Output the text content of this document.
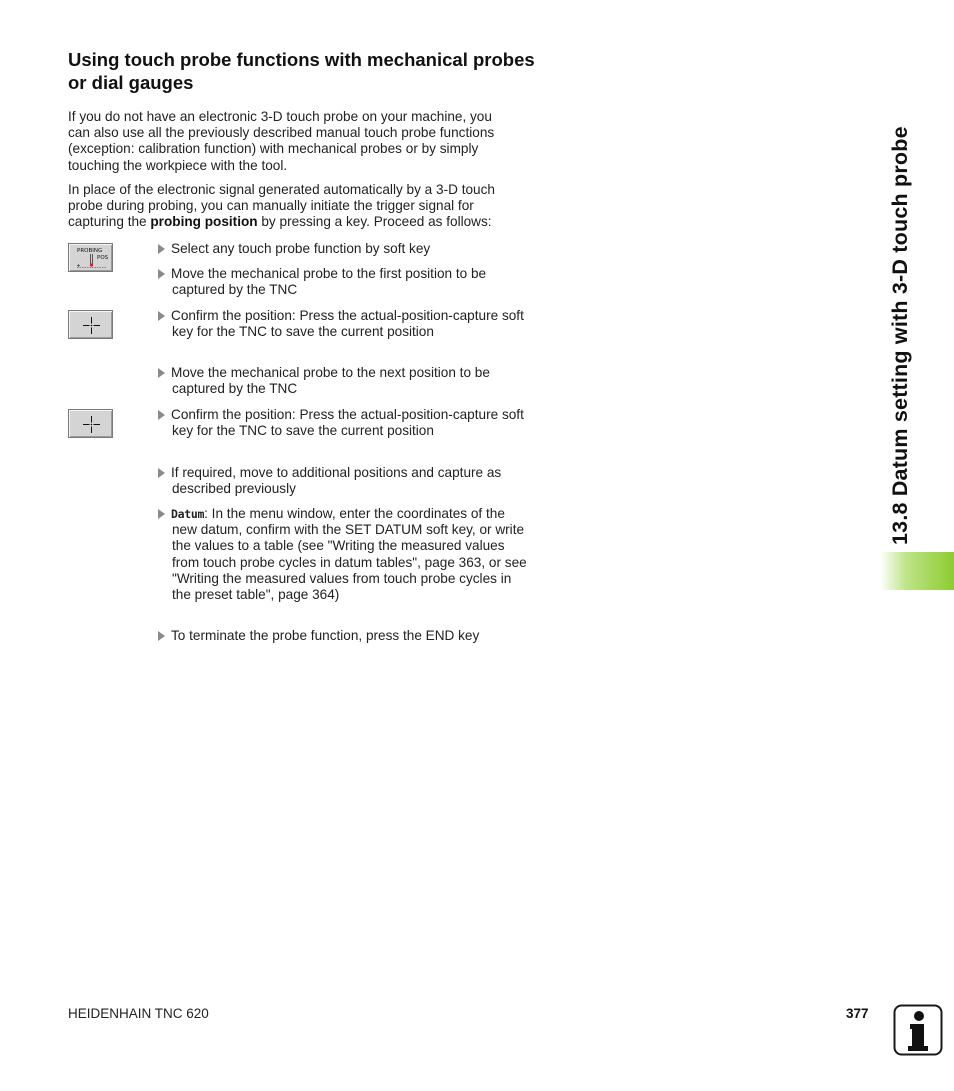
Using touch probe functions with mechanical probes or dial gauges

If you do not have an electronic 3-D touch probe on your machine, you can also use all the previously described manual touch probe functions (exception: calibration function) with mechanical probes or by simply touching the workpiece with the tool.

In place of the electronic signal generated automatically by a 3-D touch probe during probing, you can manually initiate the trigger signal for capturing the probing position by pressing a key. Proceed as follows:

PROBING
POS
Select any touch probe function by soft key
Move the mechanical probe to the first position to be captured by the TNC
Confirm the position: Press the actual-position-capture soft key for the TNC to save the current position
Move the mechanical probe to the next position to be captured by the TNC
Confirm the position: Press the actual-position-capture soft key for the TNC to save the current position
If required, move to additional positions and capture as described previously
Datum: In the menu window, enter the coordinates of the new datum, confirm with the SET DATUM soft key, or write the values to a table (see "Writing the measured values from touch probe cycles in datum tables", page 363, or see "Writing the measured values from touch probe cycles in the preset table", page 364)
To terminate the probe function, press the END key
13.8 Datum setting with 3-D touch probe
HEIDENHAIN TNC 620	377
